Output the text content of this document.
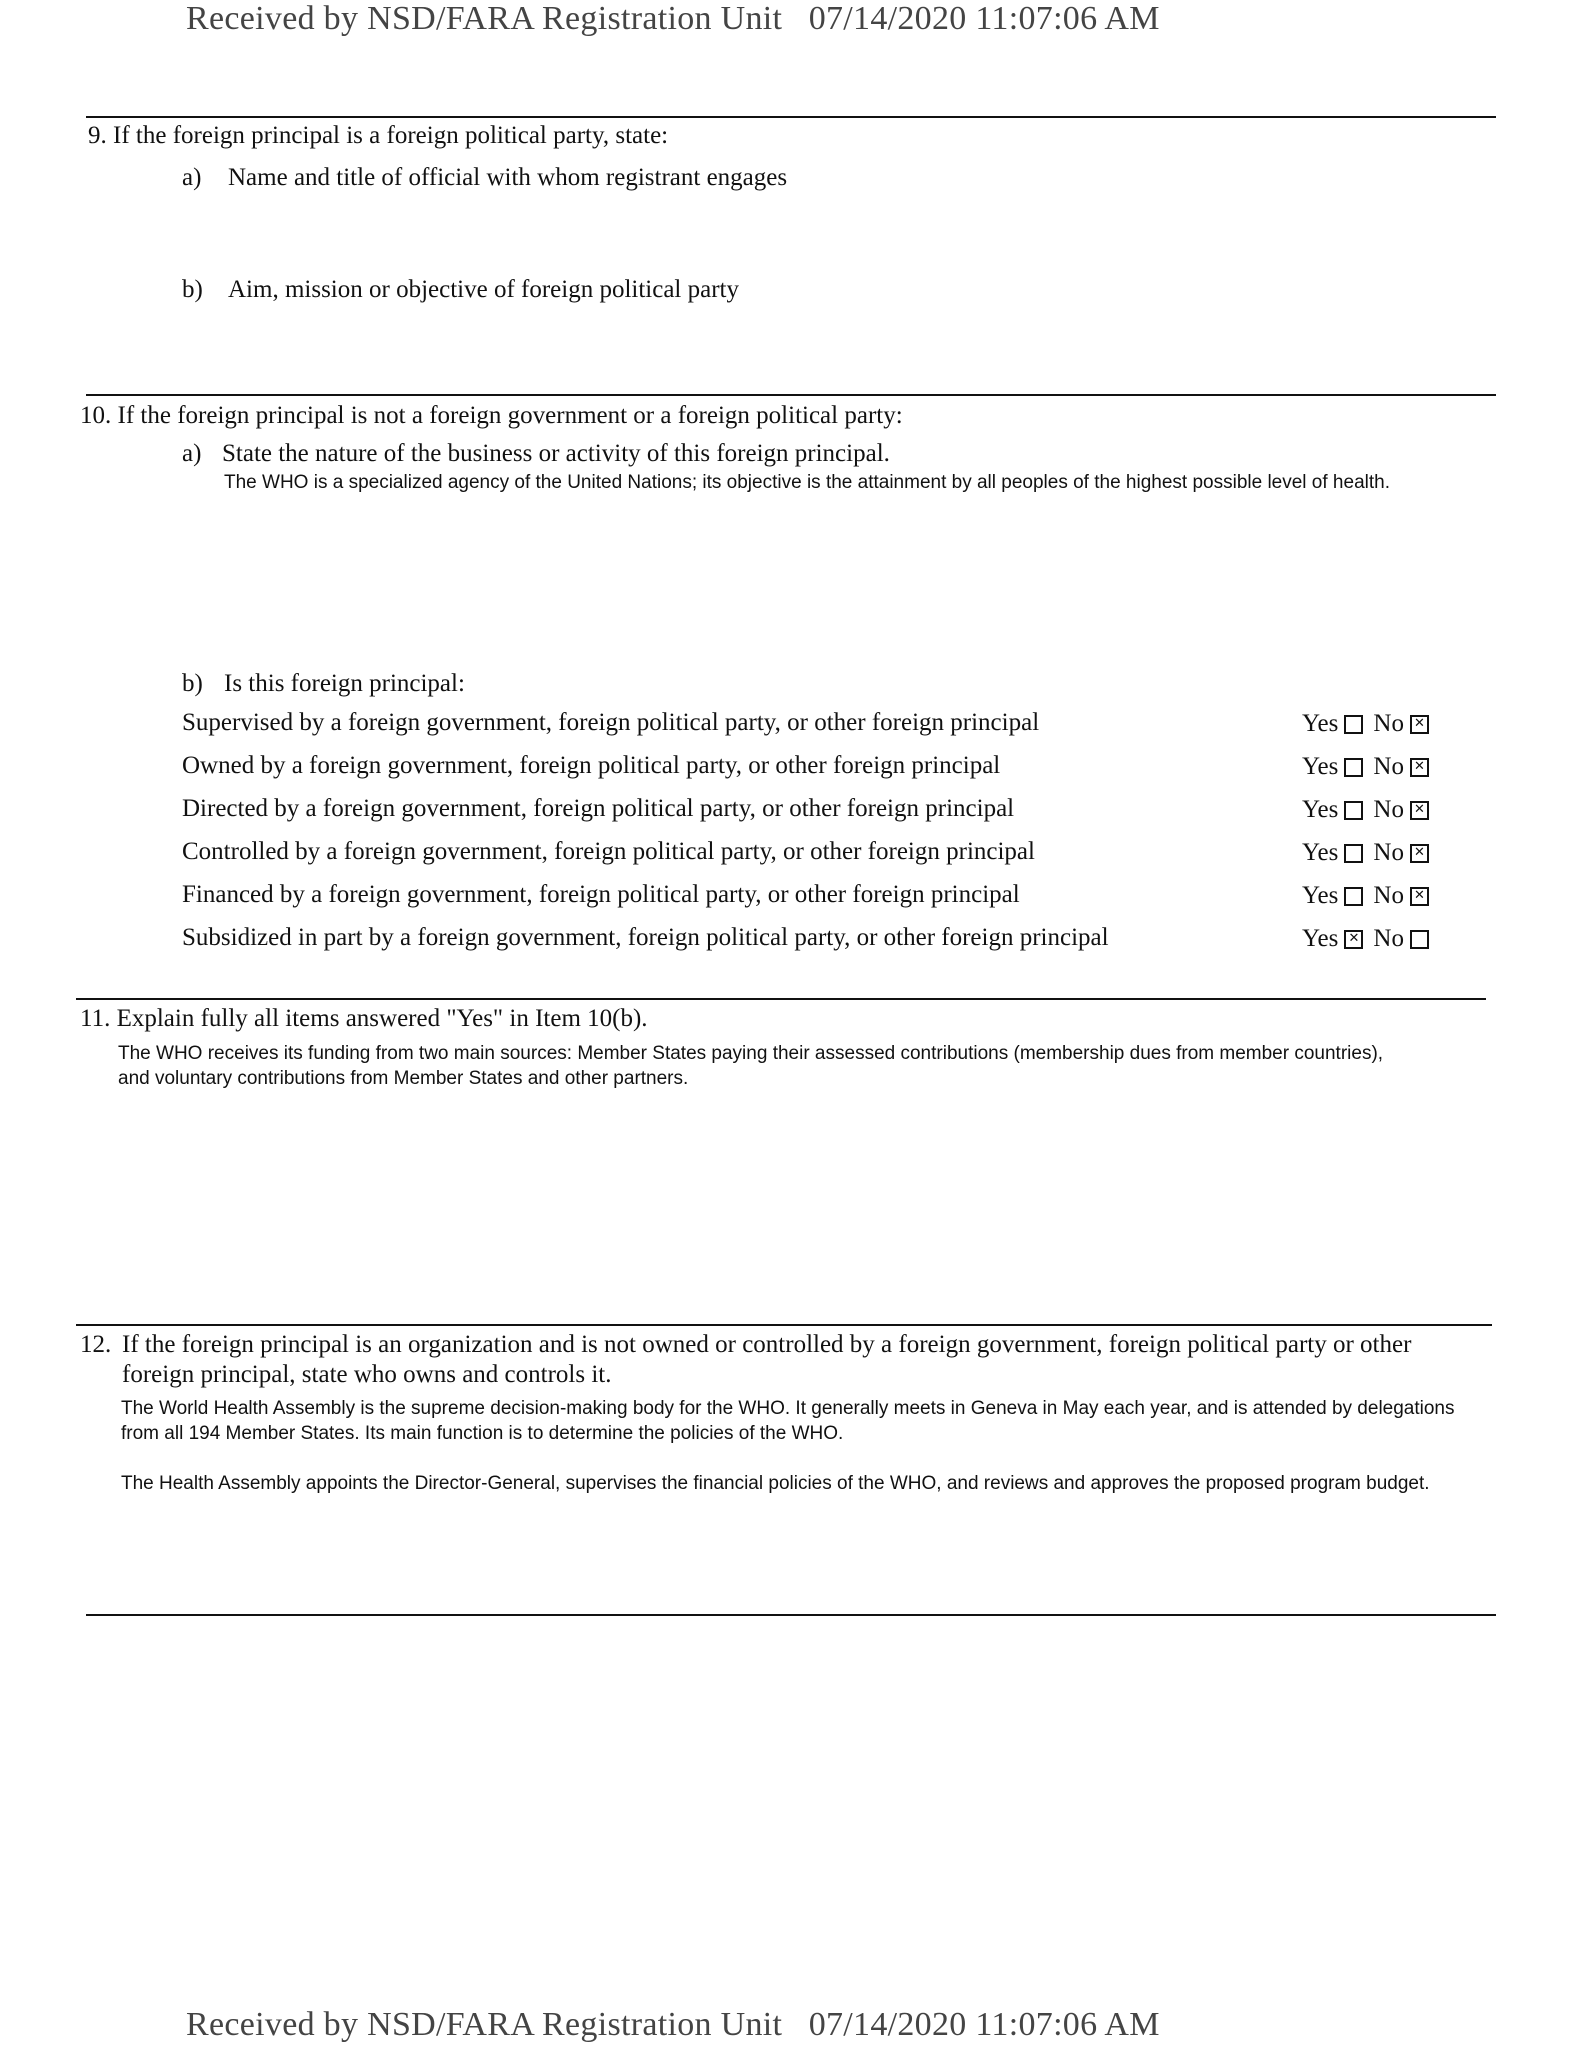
Received by NSD/FARA Registration Unit   07/14/2020 11:07:06 AM
9. If the foreign principal is a foreign political party, state:
a) Name and title of official with whom registrant engages
b) Aim, mission or objective of foreign political party
10. If the foreign principal is not a foreign government or a foreign political party:
a) State the nature of the business or activity of this foreign principal.
The WHO is a specialized agency of the United Nations; its objective is the attainment by all peoples of the highest possible level of health.
b) Is this foreign principal:
Supervised by a foreign government, foreign political party, or other foreign principal	Yes No✕
Owned by a foreign government, foreign political party, or other foreign principal	Yes No✕
Directed by a foreign government, foreign political party, or other foreign principal	Yes No✕
Controlled by a foreign government, foreign political party, or other foreign principal	Yes No✕
Financed by a foreign government, foreign political party, or other foreign principal	Yes No✕
Subsidized in part by a foreign government, foreign political party, or other foreign principal	Yes✕ No
11. Explain fully all items answered "Yes" in Item 10(b).
The WHO receives its funding from two main sources: Member States paying their assessed contributions (membership dues from member countries), and voluntary contributions from Member States and other partners.
12. If the foreign principal is an organization and is not owned or controlled by a foreign government, foreign political party or other
foreign principal, state who owns and controls it.
The World Health Assembly is the supreme decision-making body for the WHO. It generally meets in Geneva in May each year, and is attended by delegations from all 194 Member States. Its main function is to determine the policies of the WHO.
The Health Assembly appoints the Director-General, supervises the financial policies of the WHO, and reviews and approves the proposed program budget.
Received by NSD/FARA Registration Unit   07/14/2020 11:07:06 AM
